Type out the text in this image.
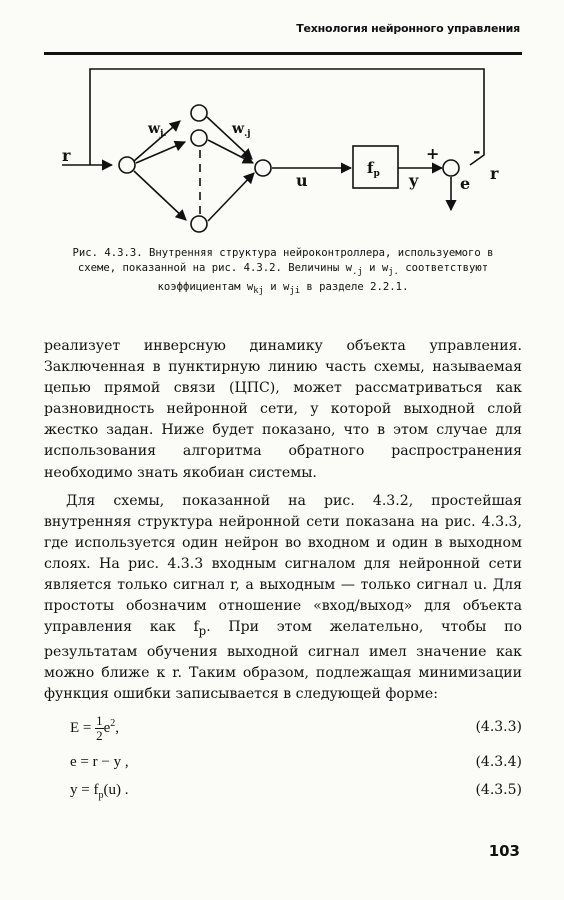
Технология нейронного управления
r
$w_{j.}$	$w_{.j}$
u
$f_p$ y
+ -
e
r
Рис. 4.3.3. Внутренняя структура нейроконтроллера, используемого в
схеме, показанной на рис. 4.3.2. Величины $w_{.j}$ и $w_{j.}$ соответствуют
коэффициентам $w_{kj}$ и $w_{ji}$ в разделе 2.2.1.

реализует инверсную динамику объекта управления. Заключенная в пунктирную линию часть схемы, называемая цепью прямой связи (ЦПС), может рассматриваться как разновидность нейронной сети, у которой выходной слой жестко задан. Ниже будет показано, что в этом случае для использования алгоритма обратного распространения необходимо знать якобиан системы.

Для схемы, показанной на рис. 4.3.2, простейшая внутренняя структура нейронной сети показана на рис. 4.3.3, где используется один нейрон во входном и один в выходном слоях. На рис. 4.3.3 входным сигналом для нейронной сети является только сигнал r, а выходным — только сигнал u. Для простоты обозначим отношение «вход/выход» для объекта управления как $f_p$. При этом желательно, чтобы по результатам обучения выходной сигнал имел значение как можно ближе к r. Таким образом, подлежащая минимизации функция ошибки записывается в следующей форме:

$E = \frac{1}{2} e^2$,	(4.3.3)
e = r − y ,	(4.3.4)
$y = f_p(u)$ .	(4.3.5)
103
